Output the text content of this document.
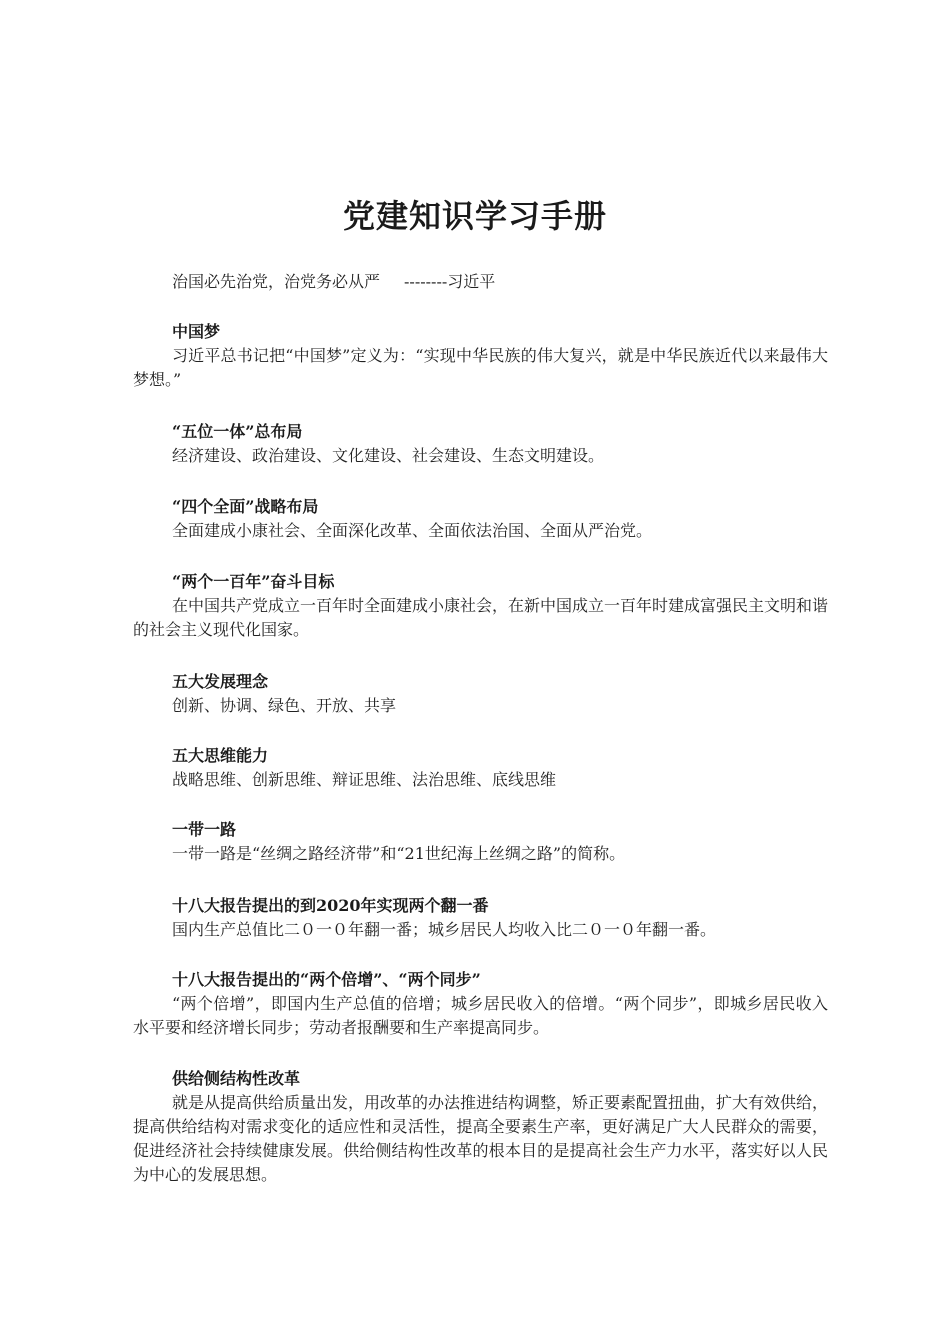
党建知识学习手册
治国必先治党，治党务必从严 --------习近平

中国梦

习近平总书记把“中国梦”定义为：“实现中华民族的伟大复兴，就是中华民族近代以来最伟大梦想。”

“五位一体”总布局

经济建设、政治建设、文化建设、社会建设、生态文明建设。

“四个全面”战略布局

全面建成小康社会、全面深化改革、全面依法治国、全面从严治党。

“两个一百年”奋斗目标

在中国共产党成立一百年时全面建成小康社会，在新中国成立一百年时建成富强民主文明和谐的社会主义现代化国家。

五大发展理念

创新、协调、绿色、开放、共享

五大思维能力

战略思维、创新思维、辩证思维、法治思维、底线思维

一带一路

一带一路是“丝绸之路经济带”和“21世纪海上丝绸之路”的简称。

十八大报告提出的到2020年实现两个翻一番

国内生产总值比二０一０年翻一番；城乡居民人均收入比二０一０年翻一番。

十八大报告提出的“两个倍增”、“两个同步”

“两个倍增”，即国内生产总值的倍增；城乡居民收入的倍增。“两个同步”，即城乡居民收入水平要和经济增长同步；劳动者报酬要和生产率提高同步。

供给侧结构性改革

就是从提高供给质量出发，用改革的办法推进结构调整，矫正要素配置扭曲，扩大有效供给，提高供给结构对需求变化的适应性和灵活性，提高全要素生产率，更好满足广大人民群众的需要，促进经济社会持续健康发展。供给侧结构性改革的根本目的是提高社会生产力水平，落实好以人民为中心的发展思想。
